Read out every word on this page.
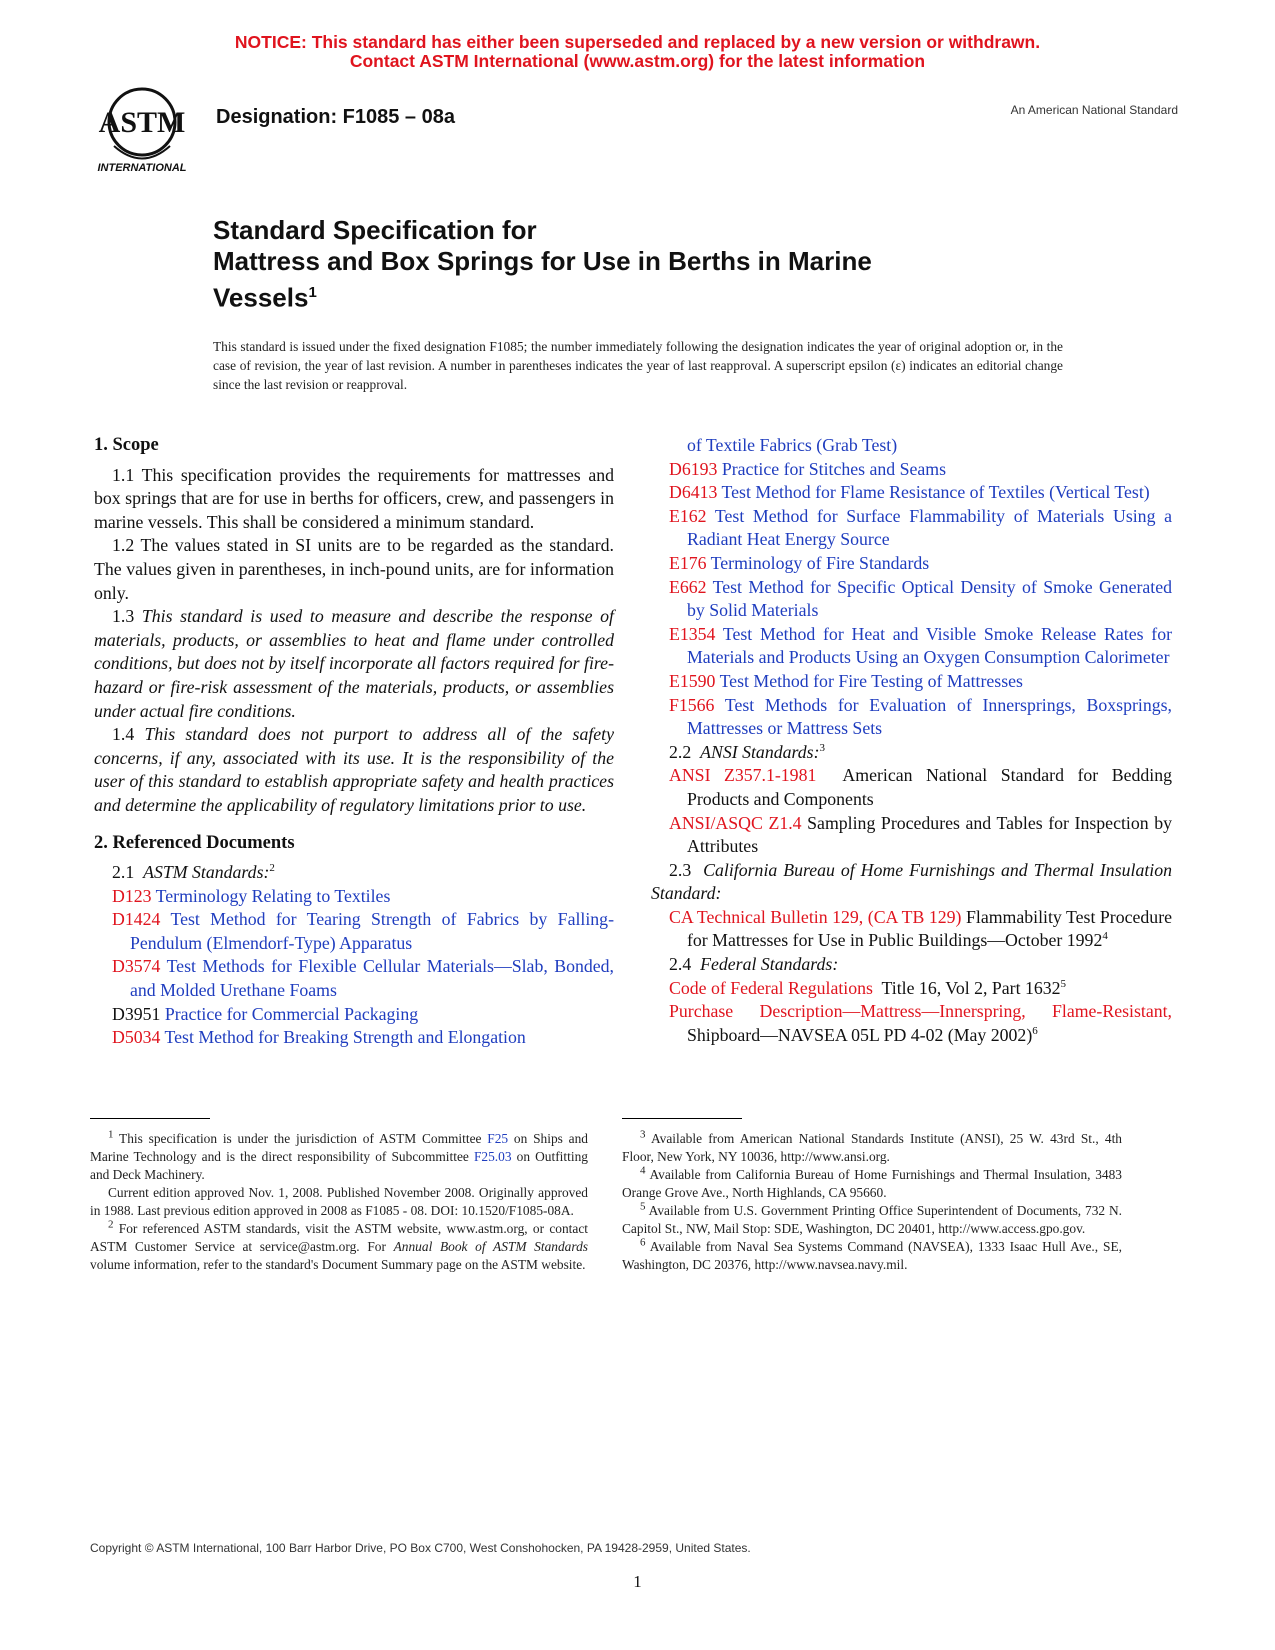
NOTICE: This standard has either been superseded and replaced by a new version or withdrawn.
Contact ASTM International (www.astm.org) for the latest information
ASTM
INTERNATIONAL
Designation: F1085 – 08a	An American National Standard
Standard Specification for
Mattress and Box Springs for Use in Berths in Marine
Vessels$^1$
This standard is issued under the fixed designation F1085; the number immediately following the designation indicates the year of original adoption or, in the case of revision, the year of last revision. A number in parentheses indicates the year of last reapproval. A superscript epsilon (ε) indicates an editorial change since the last revision or reapproval.
1. Scope

1.1 This specification provides the requirements for mattresses and box springs that are for use in berths for officers, crew, and passengers in marine vessels. This shall be considered a minimum standard.

1.2 The values stated in SI units are to be regarded as the standard. The values given in parentheses, in inch-pound units, are for information only.

1.3 This standard is used to measure and describe the response of materials, products, or assemblies to heat and flame under controlled conditions, but does not by itself incorporate all factors required for fire-hazard or fire-risk assessment of the materials, products, or assemblies under actual fire conditions.

1.4 This standard does not purport to address all of the safety concerns, if any, associated with its use. It is the responsibility of the user of this standard to establish appropriate safety and health practices and determine the applicability of regulatory limitations prior to use.

2. Referenced Documents

2.1 ASTM Standards:$^2$

D123 Terminology Relating to Textiles
D1424 Test Method for Tearing Strength of Fabrics by Falling-Pendulum (Elmendorf-Type) Apparatus
D3574 Test Methods for Flexible Cellular Materials—Slab, Bonded, and Molded Urethane Foams
D3951 Practice for Commercial Packaging
D5034 Test Method for Breaking Strength and Elongation
of Textile Fabrics (Grab Test)
D6193 Practice for Stitches and Seams
D6413 Test Method for Flame Resistance of Textiles (Vertical Test)
E162 Test Method for Surface Flammability of Materials Using a Radiant Heat Energy Source
E176 Terminology of Fire Standards
E662 Test Method for Specific Optical Density of Smoke Generated by Solid Materials
E1354 Test Method for Heat and Visible Smoke Release Rates for Materials and Products Using an Oxygen Consumption Calorimeter
E1590 Test Method for Fire Testing of Mattresses
F1566 Test Methods for Evaluation of Innersprings, Boxsprings, Mattresses or Mattress Sets

2.2 ANSI Standards:$^3$

ANSI Z357.1-1981 American National Standard for Bedding Products and Components
ANSI/ASQC Z1.4 Sampling Procedures and Tables for Inspection by Attributes

2.3 California Bureau of Home Furnishings and Thermal Insulation Standard:

CA Technical Bulletin 129, (CA TB 129) Flammability Test Procedure for Mattresses for Use in Public Buildings—October 1992$^4$

2.4 Federal Standards:

Code of Federal Regulations Title 16, Vol 2, Part 1632$^5$
Purchase Description—Mattress—Innerspring, Flame-Resistant, Shipboard—NAVSEA 05L PD 4-02 (May 2002)$^6$

$^1$ This specification is under the jurisdiction of ASTM Committee F25 on Ships and Marine Technology and is the direct responsibility of Subcommittee F25.03 on Outfitting and Deck Machinery.

Current edition approved Nov. 1, 2008. Published November 2008. Originally approved in 1988. Last previous edition approved in 2008 as F1085 - 08. DOI: 10.1520/F1085-08A.

$^2$ For referenced ASTM standards, visit the ASTM website, www.astm.org, or contact ASTM Customer Service at service@astm.org. For Annual Book of ASTM Standards volume information, refer to the standard's Document Summary page on the ASTM website.

$^3$ Available from American National Standards Institute (ANSI), 25 W. 43rd St., 4th Floor, New York, NY 10036, http://www.ansi.org.

$^4$ Available from California Bureau of Home Furnishings and Thermal Insulation, 3483 Orange Grove Ave., North Highlands, CA 95660.

$^5$ Available from U.S. Government Printing Office Superintendent of Documents, 732 N. Capitol St., NW, Mail Stop: SDE, Washington, DC 20401, http://www.access.gpo.gov.

$^6$ Available from Naval Sea Systems Command (NAVSEA), 1333 Isaac Hull Ave., SE, Washington, DC 20376, http://www.navsea.navy.mil.

Copyright © ASTM International, 100 Barr Harbor Drive, PO Box C700, West Conshohocken, PA 19428-2959, United States.
1
